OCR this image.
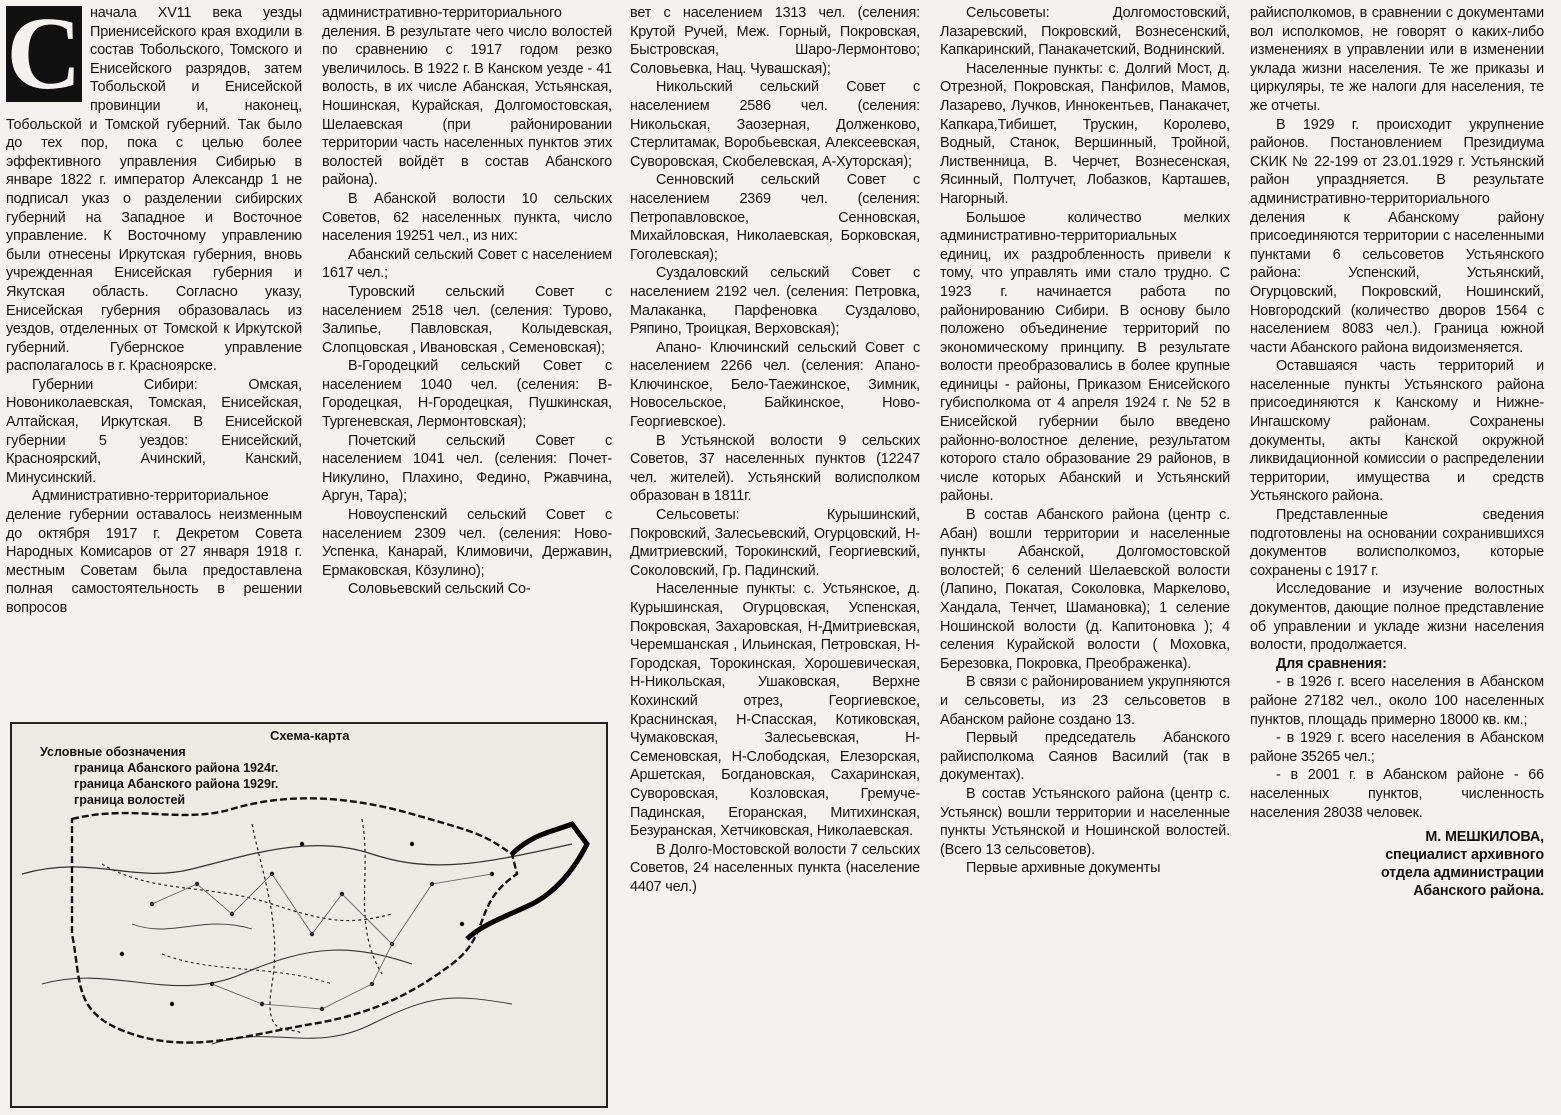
С начала XV11 века уезды Приенисейского края входили в состав Тобольского, Томского и Енисейского разрядов, затем Тобольской и Енисейской провинции и, наконец, Тобольской и Томской губерний. Так было до тех пор, пока с целью более эффективного управления Сибирью в январе 1822 г. император Александр 1 не подписал указ о разделении сибирских губерний на Западное и Восточное управление. К Восточному управлению были отнесены Иркутская губерния, вновь учрежденная Енисейская губерния и Якутская область. Согласно указу, Енисейская губерния образовалась из уездов, отделенных от Томской к Иркутской губерний. Губернское управление располагалось в г. Красноярске.

Губернии Сибири: Омская, Новониколаевская, Томская, Енисейская, Алтайская, Иркутская. В Енисейской губернии 5 уездов: Енисейский, Красноярский, Ачинский, Канский, Минусинский.

Административно-территориальное деление губернии оставалось неизменным до октября 1917 г. Декретом Совета Народных Комисаров от 27 января 1918 г. местным Советам была предоставлена полная самостоятельность в решении вопросов

административно-территориального деления. В результате чего число волостей по сравнению с 1917 годом резко увеличилось. В 1922 г. В Канском уезде - 41 волость, в их числе Абанская, Устьянская, Ношинская, Курайская, Долгомостовская, Шелаевская (при районировании территории часть населенных пунктов этих волостей войдёт в состав Абанского района).

В Абанской волости 10 сельских Советов, 62 населенных пункта, число населения 19251 чел., из них:

Абанский сельский Совет с населением 1617 чел.;

Туровский сельский Совет с населением 2518 чел. (селения: Турово, Залипье, Павловская, Колыдевская, Слопцовская , Ивановская , Семеновская);

В-Городецкий сельский Совет с населением 1040 чел. (селения: В-Городецкая, Н-Городецкая, Пушкинская, Тургеневская, Лермонтовская);

Почетский сельский Совет с населением 1041 чел. (селения: Почет-Никулино, Плахино, Федино, Ржавчина, Аргун, Тара);

Новоуспенский сельский Совет с населением 2309 чел. (селения: Ново-Успенка, Канарай, Климовичи, Державин, Ермаковская, Кӧзулино);

Соловьевский сельский Со-

вет с населением 1313 чел. (селения: Крутой Ручей, Меж. Горный, Покровская, Быстровская, Шаро-Лермонтово; Соловьевка, Нац. Чувашская);

Никольский сельский Совет с населением 2586 чел. (селения: Никольская, Заозерная, Долженково, Стерлитамак, Воробьевская, Алексеевская, Суворовская, Скобелевская, А-Хуторская);

Сенновский сельский Совет с населением 2369 чел. (селения: Петропавловское, Сенновская, Михайловская, Николаевская, Борковская, Гоголевская);

Суздаловский сельский Совет с населением 2192 чел. (селения: Петровка, Малаканка, Парфеновка Суздалово, Ряпино, Троицкая, Верховская);

Апано- Ключинский сельский Совет с населением 2266 чел. (селения: Апано-Ключинское, Бело-Таежинское, Зимник, Новосельское, Байкинское, Ново-Георгиевское).

В Устьянской волости 9 сельских Советов, 37 населенных пунктов (12247 чел. жителей). Устьянский волисполком образован в 1811г.

Сельсоветы: Курышинский, Покровский, Залесьевский, Огурцовский, Н-Дмитриевский, Торокинский, Георгиевский, Соколовский, Гр. Падинский.

Населенные пункты: с. Устьянское, д. Курышинская, Огурцовская, Успенская, Покровская, Захаровская, Н-Дмитриевская, Черемшанская , Ильинская, Петровская, Н-Городская, Торокинская, Хорошевическая, Н-Никольская, Ушаковская, Верхне Кохинский отрез, Георгиевское, Краснинская, Н-Спасская, Котиковская, Чумаковская, Залесьевская, Н-Семеновская, Н-Слободская, Елезорская, Аршетская, Богдановская, Сахаринская, Суворовская, Козловская, Гремуче-Падинская, Егоранская, Митихинская, Безуранская, Хетчиковская, Николаевская.

В Долго-Мостовской волости 7 сельских Советов, 24 населенных пункта (население 4407 чел.)

Сельсоветы: Долгомостовский, Лазаревский, Покровский, Вознесенский, Капкаринский, Панакачетский, Воднинский.

Населенные пункты: с. Долгий Мост, д. Отрезной, Покровская, Панфилов, Мамов, Лазарево, Лучков, Иннокентьев, Панакачет, Капкара,Тибишет, Трускин, Королево, Водный, Станок, Вершинный, Тройной, Лиственница, В. Черчет, Вознесенская, Ясинный, Полтучет, Лобазков, Карташев, Нагорный.

Большое количество мелких административно-территориальных единиц, их раздробленность привели к тому, что управлять ими стало трудно. С 1923 г. начинается работа по районированию Сибири. В основу было положено объединение территорий по экономическому принципу. В результате волости преобразовались в более крупные единицы - районы, Приказом Енисейского губисполкома от 4 апреля 1924 г. № 52 в Енисейской губернии было введено районно-волостное деление, результатом которого стало образование 29 районов, в числе которых Абанский и Устьянский районы.

В состав Абанского района (центр с. Абан) вошли территории и населенные пункты Абанской, Долгомостовской волостей; 6 селений Шелаевской волости (Лапино, Покатая, Соколовка, Маркелово, Хандала, Тенчет, Шамановка); 1 селение Ношинской волости (д. Капитоновка ); 4 селения Курайской волости ( Моховка, Березовка, Покровка, Преображенка).

В связи с районированием укрупняются и сельсоветы, из 23 сельсоветов в Абанском районе создано 13.

Первый председатель Абанского райисполкома Саянов Василий (так в документах).

В состав Устьянского района (центр с. Устьянск) вошли территории и населенные пункты Устьянской и Ношинской волостей. (Всего 13 сельсоветов).

Первые архивные документы

райисполкомов, в сравнении с документами вол исполкомов, не говорят о каких-либо изменениях в управлении или в изменении уклада жизни населения. Те же приказы и циркуляры, те же налоги для населения, те же отчеты.

В 1929 г. происходит укрупнение районов. Постановлением Президиума СКИК № 22-199 от 23.01.1929 г. Устьянский район упраздняется. В результате административно-территориального деления к Абанскому району присоединяются территории с населенными пунктами 6 сельсоветов Устьянского района: Успенский, Устьянский, Огурцовский, Покровский, Ношинский, Новгородский (количество дворов 1564 с населением 8083 чел.). Граница южной части Абанского района видоизменяется.

Оставшаяся часть территорий и населенные пункты Устьянского района присоединяются к Канскому и Нижне-Ингашскому районам. Сохранены документы, акты Канской окружной ликвидационной комиссии о распределении территории, имущества и средств Устьянского района.

Представленные сведения подготовлены на основании сохранившихся документов волисполкомоз, которые сохранены с 1917 г.

Исследование и изучение волостных документов, дающие полное представление об управлении и укладе жизни населения волости, продолжается.

Для сравнения:

- в 1926 г. всего населения в Абанском районе 27182 чел., около 100 населенных пунктов, площадь примерно 18000 кв. км.;

- в 1929 г. всего населения в Абанском районе 35265 чел.;

- в 2001 г. в Абанском районе - 66 населенных пунктов, численность населения 28038 человек.

М. МЕШКИЛОВА,
специалист архивного
отдела администрации
Абанского района.
Схема-карта
Условные обозначения
граница Абанского района 1924г.
граница Абанского района 1929г.
граница волостей
